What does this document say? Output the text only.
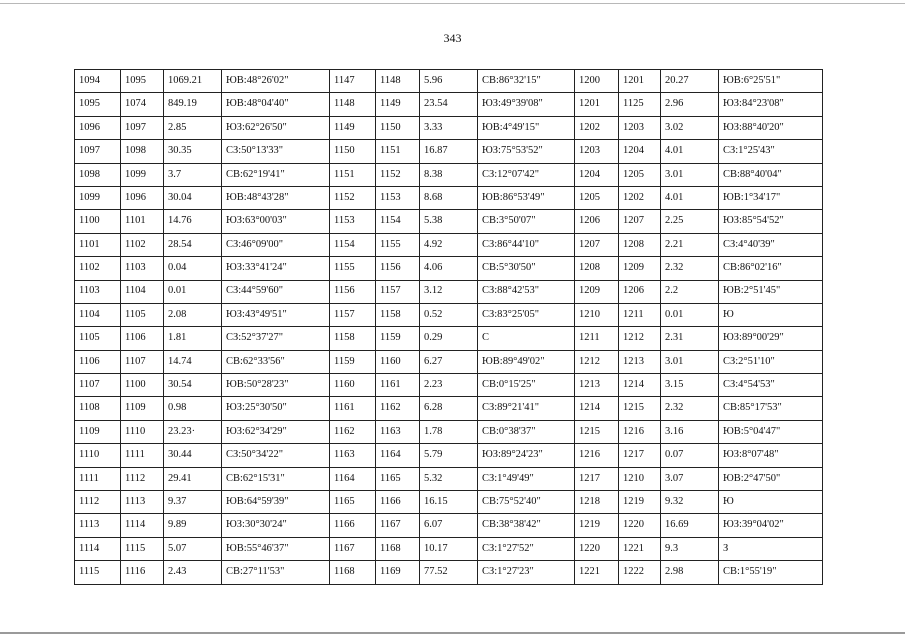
343
1094	1095	1069.21	ЮВ:48°26'02"	1147	1148	5.96	СВ:86°32'15"	1200	1201	20.27	ЮВ:6°25'51"
1095	1074	849.19	ЮВ:48°04'40"	1148	1149	23.54	ЮЗ:49°39'08"	1201	1125	2.96	ЮЗ:84°23'08"
1096	1097	2.85	ЮЗ:62°26'50"	1149	1150	3.33	ЮВ:4°49'15"	1202	1203	3.02	ЮЗ:88°40'20"
1097	1098	30.35	СЗ:50°13'33"	1150	1151	16.87	ЮЗ:75°53'52"	1203	1204	4.01	СЗ:1°25'43"
1098	1099	3.7	СВ:62°19'41"	1151	1152	8.38	СЗ:12°07'42"	1204	1205	3.01	СВ:88°40'04"
1099	1096	30.04	ЮВ:48°43'28"	1152	1153	8.68	ЮВ:86°53'49"	1205	1202	4.01	ЮВ:1°34'17"
1100	1101	14.76	ЮЗ:63°00'03"	1153	1154	5.38	СВ:3°50'07"	1206	1207	2.25	ЮЗ:85°54'52"
1101	1102	28.54	СЗ:46°09'00"	1154	1155	4.92	СЗ:86°44'10"	1207	1208	2.21	СЗ:4°40'39"
1102	1103	0.04	ЮЗ:33°41'24"	1155	1156	4.06	СВ:5°30'50"	1208	1209	2.32	СВ:86°02'16"
1103	1104	0.01	СЗ:44°59'60"	1156	1157	3.12	СЗ:88°42'53"	1209	1206	2.2	ЮВ:2°51'45"
1104	1105	2.08	ЮЗ:43°49'51"	1157	1158	0.52	СЗ:83°25'05"	1210	1211	0.01	Ю
1105	1106	1.81	СЗ:52°37'27"	1158	1159	0.29	С	1211	1212	2.31	ЮЗ:89°00'29"
1106	1107	14.74	СВ:62°33'56"	1159	1160	6.27	ЮВ:89°49'02"	1212	1213	3.01	СЗ:2°51'10"
1107	1100	30.54	ЮВ:50°28'23"	1160	1161	2.23	СВ:0°15'25"	1213	1214	3.15	СЗ:4°54'53"
1108	1109	0.98	ЮЗ:25°30'50"	1161	1162	6.28	СЗ:89°21'41"	1214	1215	2.32	СВ:85°17'53"
1109	1110	23.23·	ЮЗ:62°34'29"	1162	1163	1.78	СВ:0°38'37"	1215	1216	3.16	ЮВ:5°04'47"
1110	1111	30.44	СЗ:50°34'22"	1163	1164	5.79	ЮЗ:89°24'23"	1216	1217	0.07	ЮЗ:8°07'48"
1111	1112	29.41	СВ:62°15'31"	1164	1165	5.32	СЗ:1°49'49"	1217	1210	3.07	ЮВ:2°47'50"
1112	1113	9.37	ЮВ:64°59'39"	1165	1166	16.15	СВ:75°52'40"	1218	1219	9.32	Ю
1113	1114	9.89	ЮЗ:30°30'24"	1166	1167	6.07	СВ:38°38'42"	1219	1220	16.69	ЮЗ:39°04'02"
1114	1115	5.07	ЮВ:55°46'37"	1167	1168	10.17	СЗ:1°27'52"	1220	1221	9.3	З
1115	1116	2.43	СВ:27°11'53"	1168	1169	77.52	СЗ:1°27'23"	1221	1222	2.98	СВ:1°55'19"
